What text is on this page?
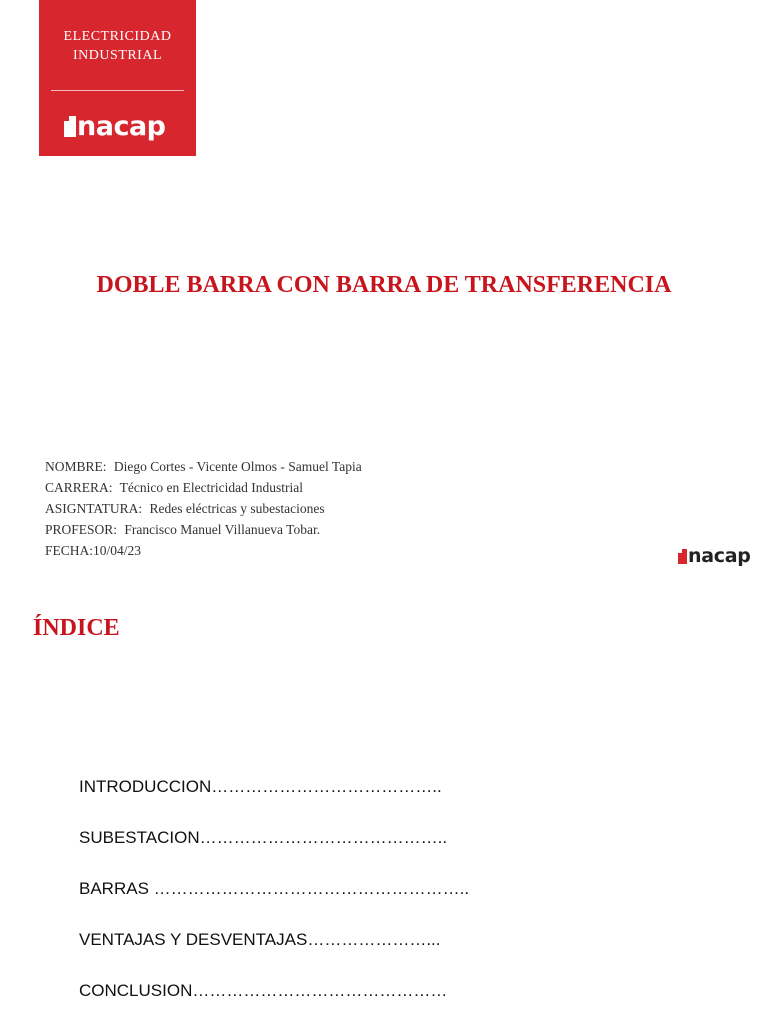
ELECTRICIDAD
INDUSTRIAL
nacap
DOBLE BARRA CON BARRA DE TRANSFERENCIA
NOMBRE: Diego Cortes - Vicente Olmos - Samuel Tapia
CARRERA: Técnico en Electricidad Industrial
ASIGNTATURA: Redes eléctricas y subestaciones
PROFESOR: Francisco Manuel Villanueva Tobar.
FECHA:10/04/23	nacap
ÍNDICE
INTRODUCCION…………………………………..
SUBESTACION……………………………………..
BARRAS ………………………………………………..
VENTAJAS Y DESVENTAJAS…………………...
CONCLUSION………………………………………
